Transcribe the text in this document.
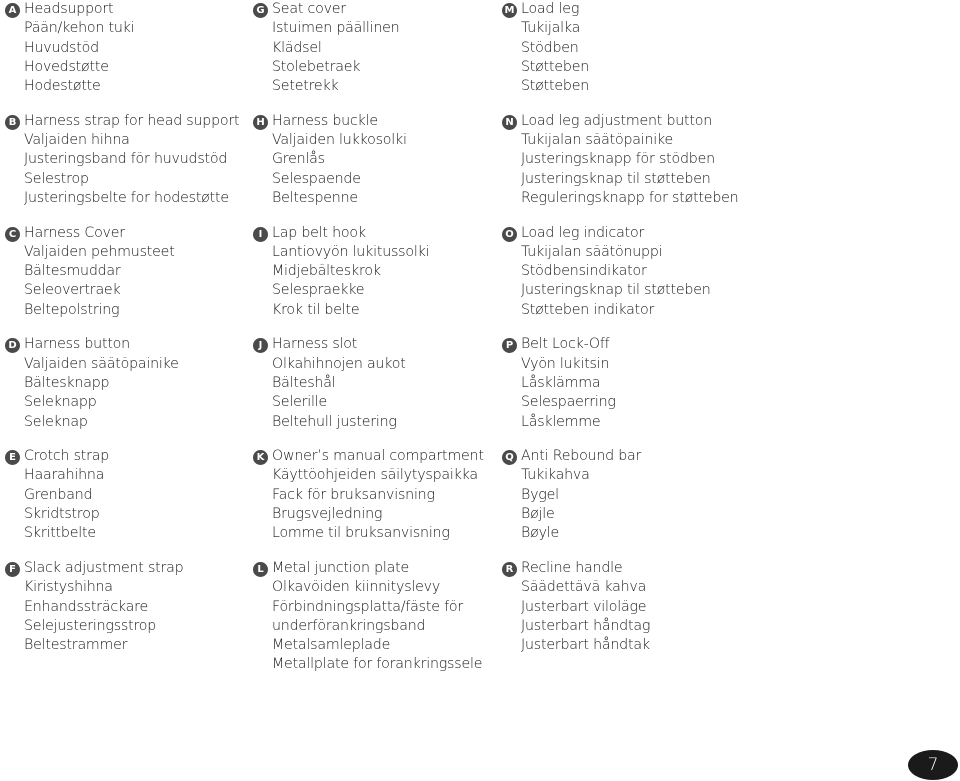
A Headsupport
Pään/kehon tuki
Huvudstöd
Hovedstøtte
Hodestøtte
B Harness strap for head support
Valjaiden hihna
Justeringsband för huvudstöd
Selestrop
Justeringsbelte for hodestøtte
C Harness Cover
Valjaiden pehmusteet
Bältesmuddar
Seleovertraek
Beltepolstring
D Harness button
Valjaiden säätöpainike
Bältesknapp
Seleknapp
Seleknap
E Crotch strap
Haarahihna
Grenband
Skridtstrop
Skrittbelte
F Slack adjustment strap
Kiristyshihna
Enhandssträckare
Selejusteringsstrop
Beltestrammer
G Seat cover
Istuimen päällinen
Klädsel
Stolebetraek
Setetrekk
H Harness buckle
Valjaiden lukkosolki
Grenlås
Selespaende
Beltespenne
I Lap belt hook
Lantiovyön lukitussolki
Midjebälteskrok
Selespraekke
Krok til belte
J Harness slot
Olkahihnojen aukot
Bälteshål
Selerille
Beltehull justering
K Owner’s manual compartment
Käyttöohjeiden säilytyspaikka
Fack för bruksanvisning
Brugsvejledning
Lomme til bruksanvisning
L Metal junction plate
Olkavöiden kiinnityslevy
Förbindningsplatta/fäste för
underförankringsband
Metalsamleplade
Metallplate for forankringssele
M Load leg
Tukijalka
Stödben
Støtteben
Støtteben
N Load leg adjustment button
Tukijalan säätöpainike
Justeringsknapp för stödben
Justeringsknap til støtteben
Reguleringsknapp for støtteben
O Load leg indicator
Tukijalan säätönuppi
Stödbensindikator
Justeringsknap til støtteben
Støtteben indikator
P Belt Lock-Off
Vyön lukitsin
Låsklämma
Selespaerring
Låsklemme
Q Anti Rebound bar
Tukikahva
Bygel
Bøjle
Bøyle
R Recline handle
Säädettävä kahva
Justerbart viloläge
Justerbart håndtag
Justerbart håndtak
7
